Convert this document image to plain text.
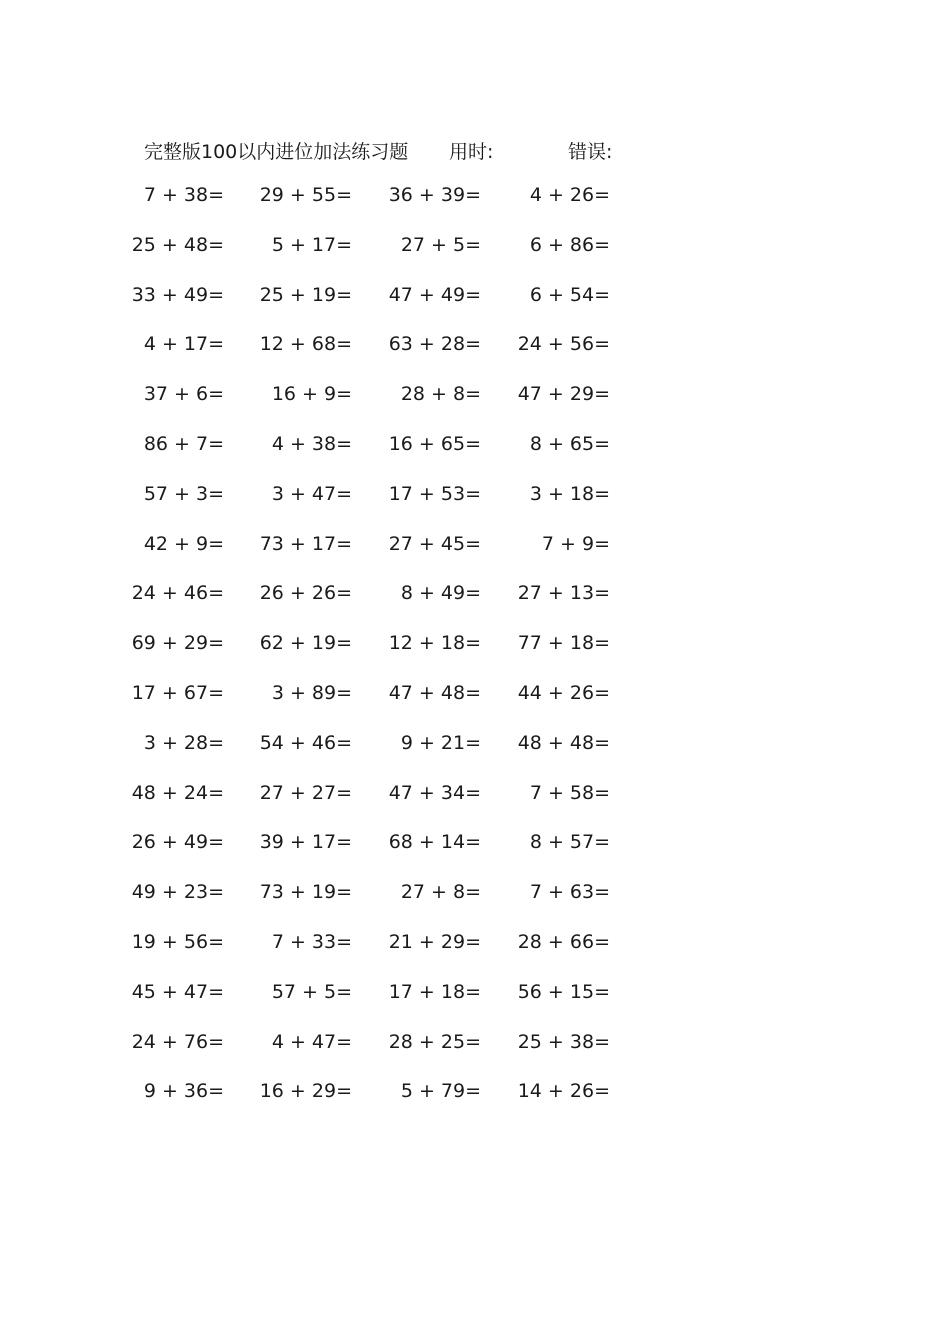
完整版100以内进位加法练习题 用时:	错误:
7 + 38= 29 + 55= 36 + 39=	4 + 26=
25 + 48=	5 + 17=	27 + 5=	6 + 86=
33 + 49= 25 + 19= 47 + 49=	6 + 54=
4 + 17= 12 + 68= 63 + 28= 24 + 56=
37 + 6=	16 + 9=	28 + 8= 47 + 29=
86 + 7=	4 + 38= 16 + 65=	8 + 65=
57 + 3=	3 + 47= 17 + 53=	3 + 18=
42 + 9= 73 + 17= 27 + 45=	7 + 9=
24 + 46= 26 + 26=	8 + 49= 27 + 13=
69 + 29= 62 + 19= 12 + 18= 77 + 18=
17 + 67=	3 + 89= 47 + 48= 44 + 26=
3 + 28= 54 + 46=	9 + 21= 48 + 48=
48 + 24= 27 + 27= 47 + 34=	7 + 58=
26 + 49= 39 + 17= 68 + 14=	8 + 57=
49 + 23= 73 + 19=	27 + 8=	7 + 63=
19 + 56=	7 + 33= 21 + 29= 28 + 66=
45 + 47=	57 + 5= 17 + 18= 56 + 15=
24 + 76=	4 + 47= 28 + 25= 25 + 38=
9 + 36= 16 + 29=	5 + 79= 14 + 26=
